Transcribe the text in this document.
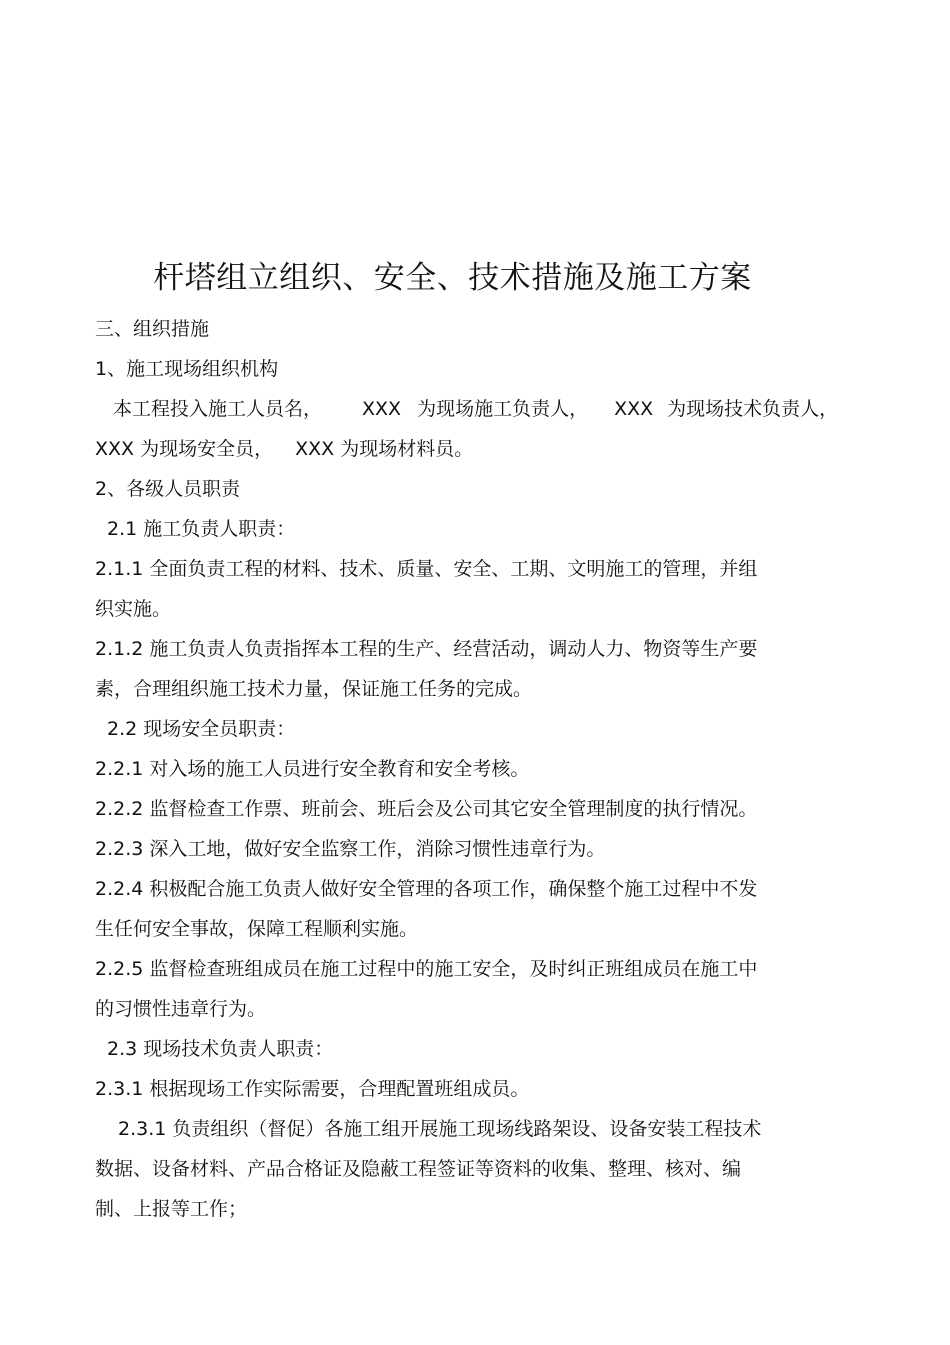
杆塔组立组织、安全、技术措施及施工方案
三、组织措施
1、施工现场组织机构
本工程投入施工人员名， XXX 为现场施工负责人， XXX 为现场技术负责人，
XXX 为现场安全员， XXX 为现场材料员。
2、各级人员职责
2.1 施工负责人职责：
2.1.1 全面负责工程的材料、技术、质量、安全、工期、文明施工的管理，并组
织实施。
2.1.2 施工负责人负责指挥本工程的生产、经营活动，调动人力、物资等生产要
素，合理组织施工技术力量，保证施工任务的完成。
2.2 现场安全员职责：
2.2.1 对入场的施工人员进行安全教育和安全考核。
2.2.2 监督检查工作票、班前会、班后会及公司其它安全管理制度的执行情况。
2.2.3 深入工地，做好安全监察工作，消除习惯性违章行为。
2.2.4 积极配合施工负责人做好安全管理的各项工作，确保整个施工过程中不发
生任何安全事故，保障工程顺利实施。
2.2.5 监督检查班组成员在施工过程中的施工安全，及时纠正班组成员在施工中
的习惯性违章行为。
2.3 现场技术负责人职责：
2.3.1 根据现场工作实际需要，合理配置班组成员。
2.3.1 负责组织（督促）各施工组开展施工现场线路架设、设备安装工程技术
数据、设备材料、产品合格证及隐蔽工程签证等资料的收集、整理、核对、编
制、上报等工作；
